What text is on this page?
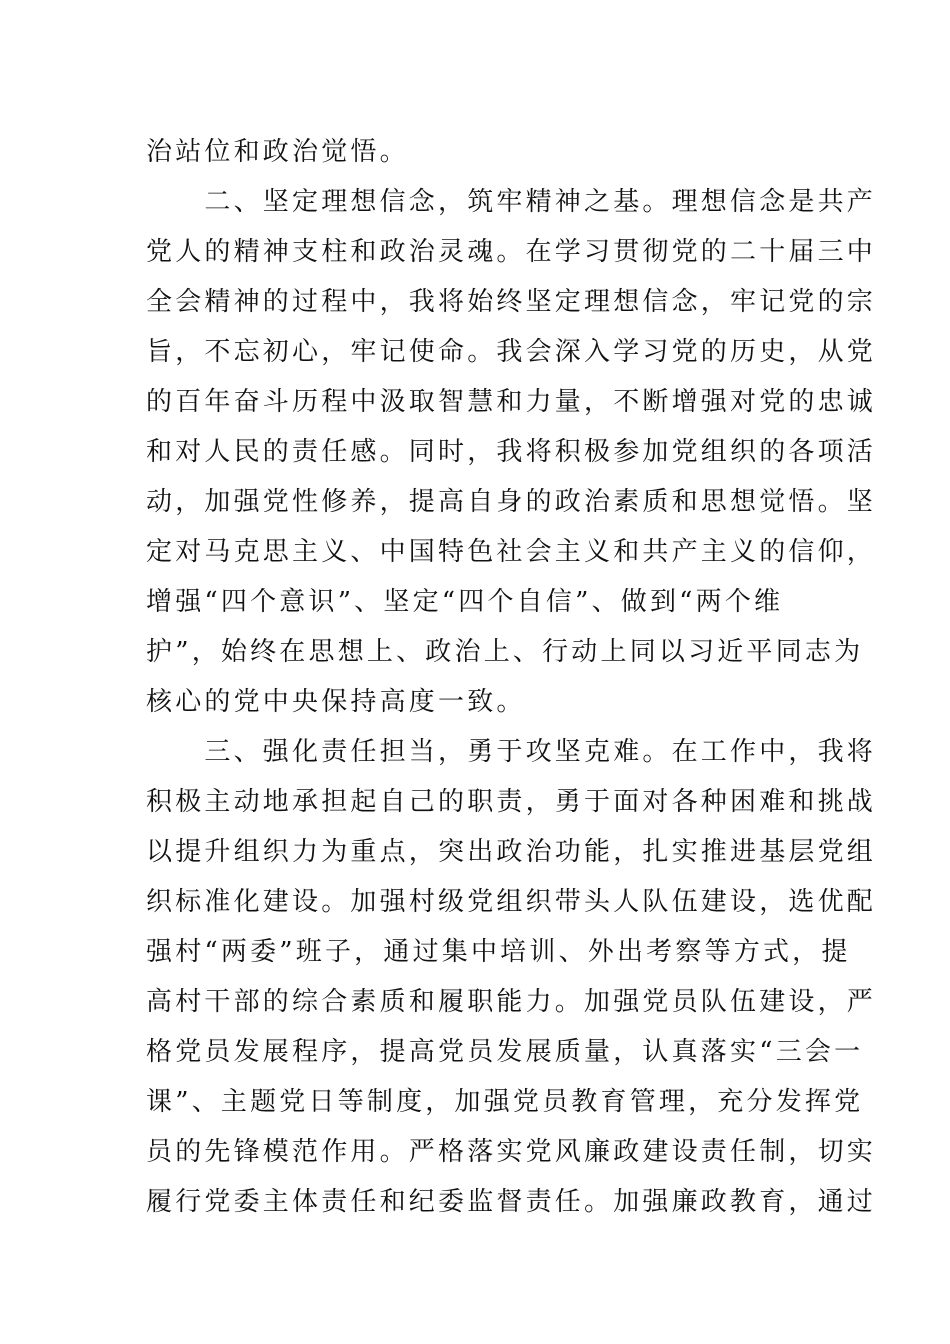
治站位和政治觉悟。
　　二、坚定理想信念，筑牢精神之基。理想信念是共产
党人的精神支柱和政治灵魂。在学习贯彻党的二十届三中
全会精神的过程中，我将始终坚定理想信念，牢记党的宗
旨，不忘初心，牢记使命。我会深入学习党的历史，从党
的百年奋斗历程中汲取智慧和力量，不断增强对党的忠诚
和对人民的责任感。同时，我将积极参加党组织的各项活
动，加强党性修养，提高自身的政治素质和思想觉悟。坚
定对马克思主义、中国特色社会主义和共产主义的信仰，
增强“四个意识”、坚定“四个自信”、做到“两个维
护”，始终在思想上、政治上、行动上同以习近平同志为
核心的党中央保持高度一致。
　　三、强化责任担当，勇于攻坚克难。在工作中，我将
积极主动地承担起自己的职责，勇于面对各种困难和挑战
以提升组织力为重点，突出政治功能，扎实推进基层党组
织标准化建设。加强村级党组织带头人队伍建设，选优配
强村“两委”班子，通过集中培训、外出考察等方式，提
高村干部的综合素质和履职能力。加强党员队伍建设，严
格党员发展程序，提高党员发展质量，认真落实“三会一
课”、主题党日等制度，加强党员教育管理，充分发挥党
员的先锋模范作用。严格落实党风廉政建设责任制，切实
履行党委主体责任和纪委监督责任。加强廉政教育，通过
